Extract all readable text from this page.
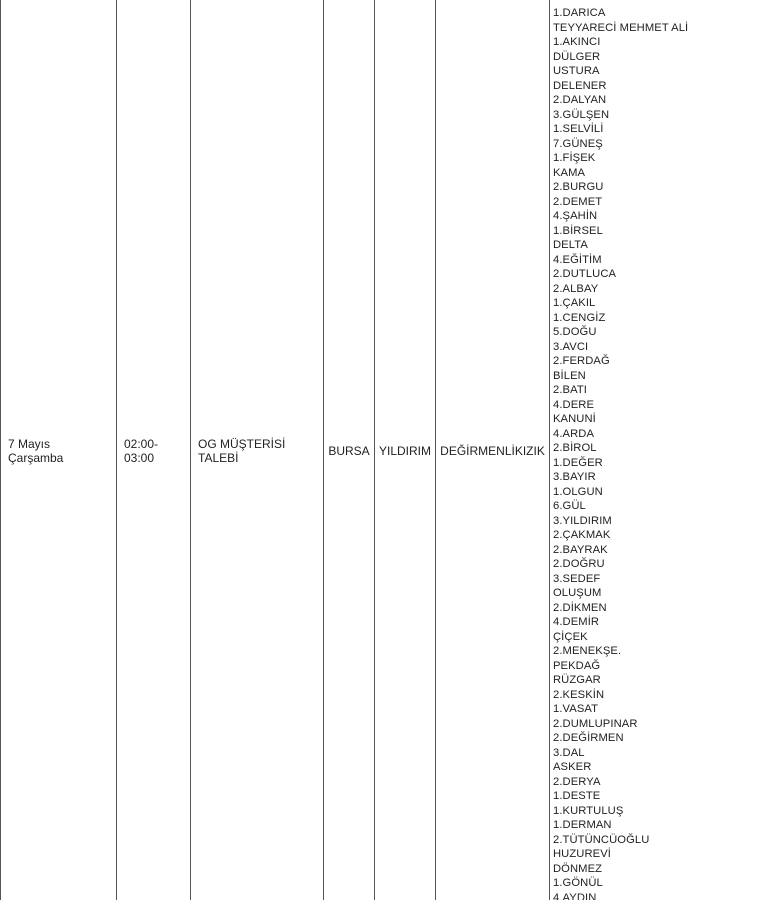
7 Mayıs
Çarşamba

02:00-
03:00

OG MÜŞTERİSİ
TALEBİ
	BURSA	YILDIRIM	DEĞİRMENLİKIZIK	
1.DARICA
TEYYARECİ MEHMET ALİ
1.AKINCI
DÜLGER
USTURA
DELENER
2.DALYAN
3.GÜLŞEN
1.SELVİLİ
7.GÜNEŞ
1.FİŞEK
KAMA
2.BURGU
2.DEMET
4.ŞAHİN
1.BİRSEL
DELTA
4.EĞİTİM
2.DUTLUCA
2.ALBAY
1.ÇAKIL
1.CENGİZ
5.DOĞU
3.AVCI
2.FERDAĞ
BİLEN
2.BATI
4.DERE
KANUNİ
4.ARDA
2.BİROL
1.DEĞER
3.BAYIR
1.OLGUN
6.GÜL
3.YILDIRIM
2.ÇAKMAK
2.BAYRAK
2.DOĞRU
3.SEDEF
OLUŞUM
2.DİKMEN
4.DEMİR
ÇİÇEK
2.MENEKŞE.
PEKDAĞ
RÜZGAR
2.KESKİN
1.VASAT
2.DUMLUPINAR
2.DEĞİRMEN
3.DAL
ASKER
2.DERYA
1.DESTE
1.KURTULUŞ
1.DERMAN
2.TÜTÜNCÜOĞLU
HUZUREVİ
DÖNMEZ
1.GÖNÜL
4.AYDIN
